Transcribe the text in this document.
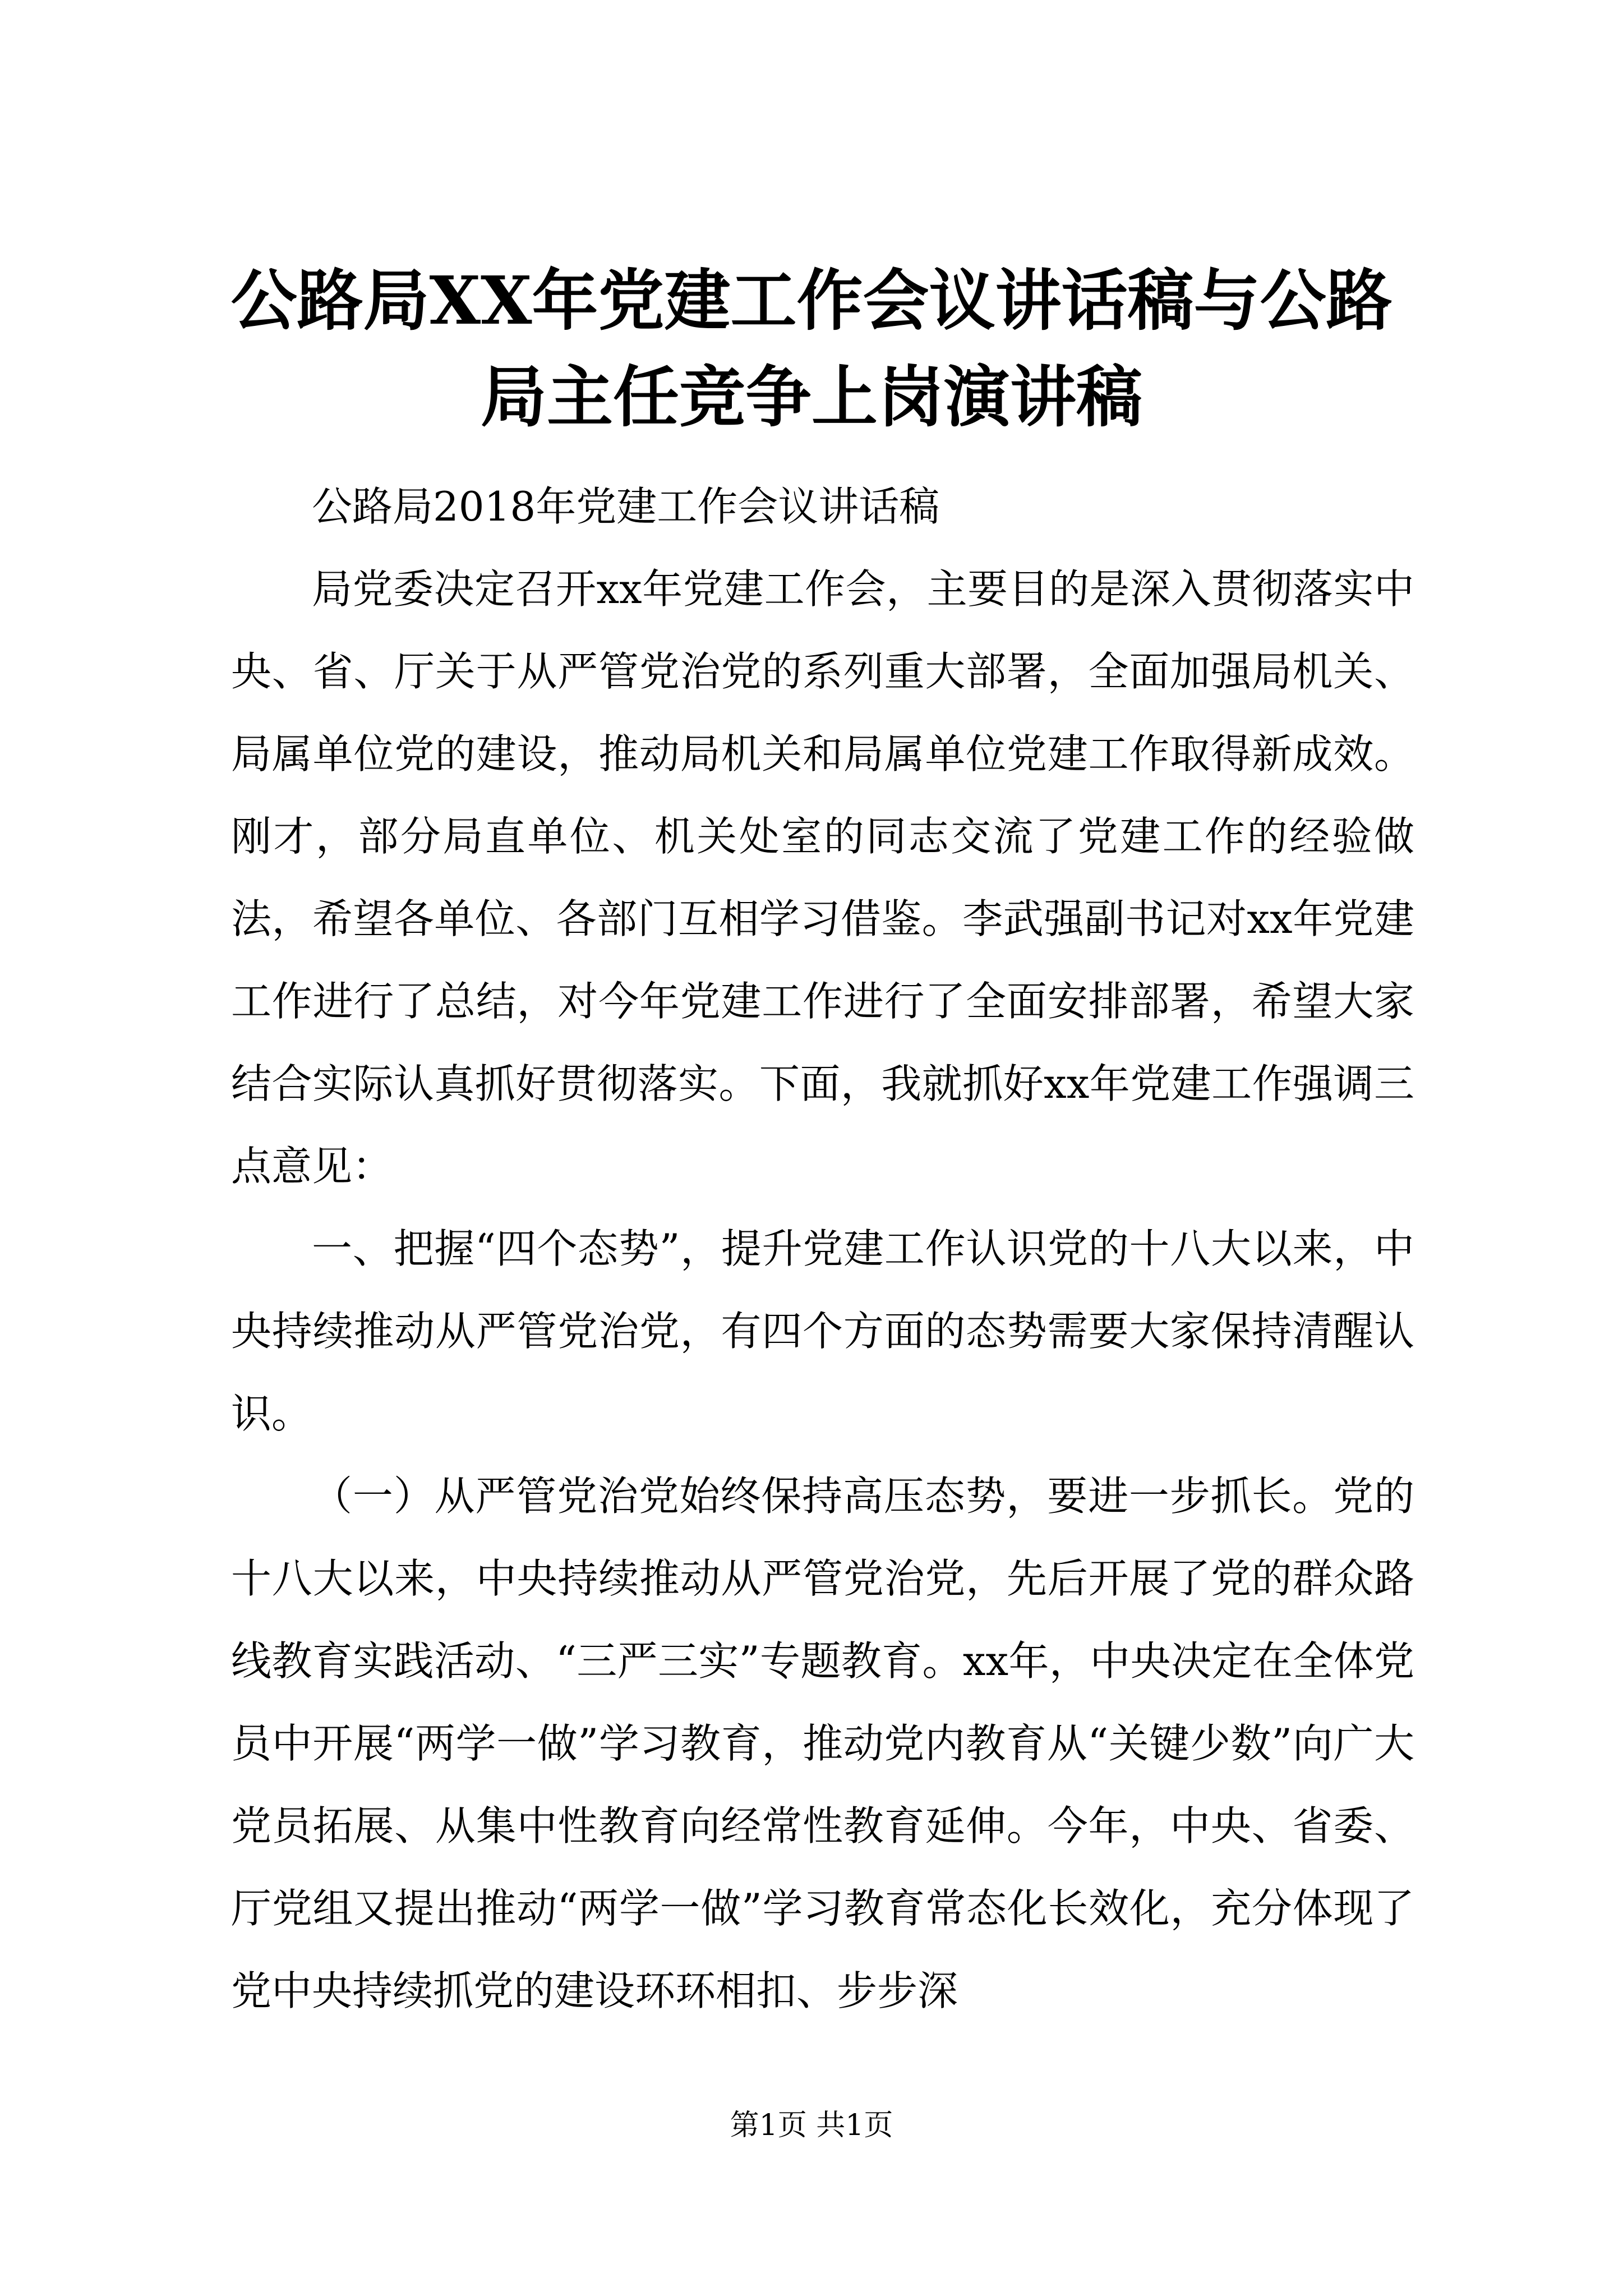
公路局XX年党建工作会议讲话稿与公路局主任竞争上岗演讲稿

公路局2018年党建工作会议讲话稿

局党委决定召开xx年党建工作会，主要目的是深入贯彻落实中央、省、厅关于从严管党治党的系列重大部署，全面加强局机关、局属单位党的建设，推动局机关和局属单位党建工作取得新成效。刚才，部分局直单位、机关处室的同志交流了党建工作的经验做法，希望各单位、各部门互相学习借鉴。李武强副书记对xx年党建工作进行了总结，对今年党建工作进行了全面安排部署，希望大家结合实际认真抓好贯彻落实。下面，我就抓好xx年党建工作强调三点意见：

一、把握“四个态势”，提升党建工作认识党的十八大以来，中央持续推动从严管党治党，有四个方面的态势需要大家保持清醒认识。

（一）从严管党治党始终保持高压态势，要进一步抓长。党的十八大以来，中央持续推动从严管党治党，先后开展了党的群众路线教育实践活动、“三严三实”专题教育。xx年，中央决定在全体党员中开展“两学一做”学习教育，推动党内教育从“关键少数”向广大党员拓展、从集中性教育向经常性教育延伸。今年，中央、省委、厅党组又提出推动“两学一做”学习教育常态化长效化，充分体现了党中央持续抓党的建设环环相扣、步步深

第1页 共1页
